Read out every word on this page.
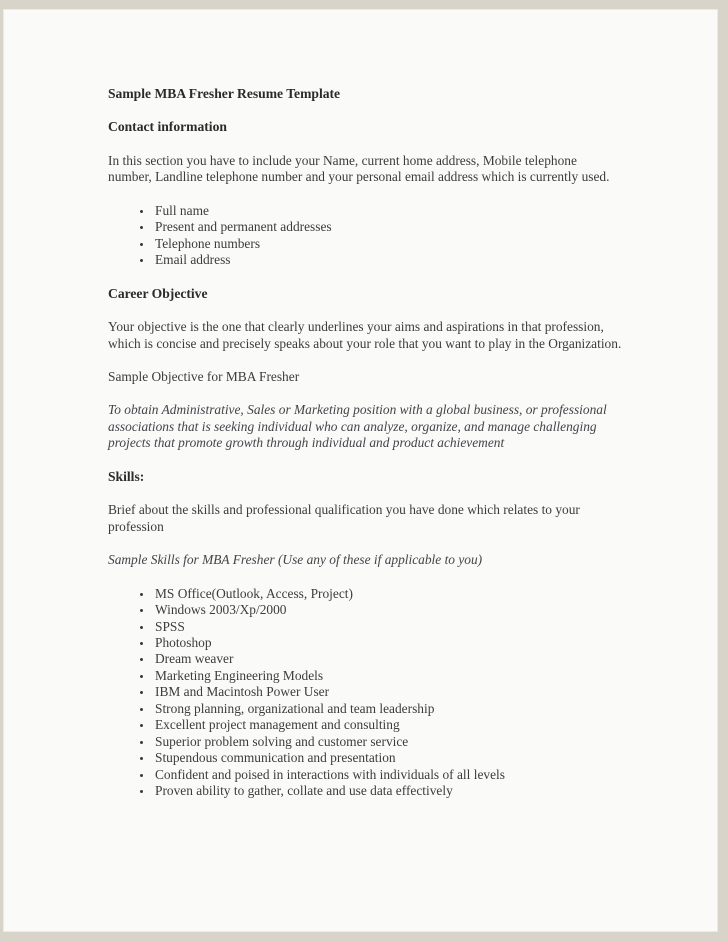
Sample MBA Fresher Resume Template
Contact information

In this section you have to include your Name, current home address, Mobile telephone number, Landline telephone number and your personal email address which is currently used.

• Full name
• Present and permanent addresses
• Telephone numbers
• Email address
Career Objective

Your objective is the one that clearly underlines your aims and aspirations in that profession, which is concise and precisely speaks about your role that you want to play in the Organization.

Sample Objective for MBA Fresher

To obtain Administrative, Sales or Marketing position with a global business, or professional associations that is seeking individual who can analyze, organize, and manage challenging projects that promote growth through individual and product achievement

Skills:

Brief about the skills and professional qualification you have done which relates to your profession

Sample Skills for MBA Fresher (Use any of these if applicable to you)

• MS Office(Outlook, Access, Project)
• Windows 2003/Xp/2000
• SPSS
• Photoshop
• Dream weaver
• Marketing Engineering Models
• IBM and Macintosh Power User
• Strong planning, organizational and team leadership
• Excellent project management and consulting
• Superior problem solving and customer service
• Stupendous communication and presentation
• Confident and poised in interactions with individuals of all levels
• Proven ability to gather, collate and use data effectively
